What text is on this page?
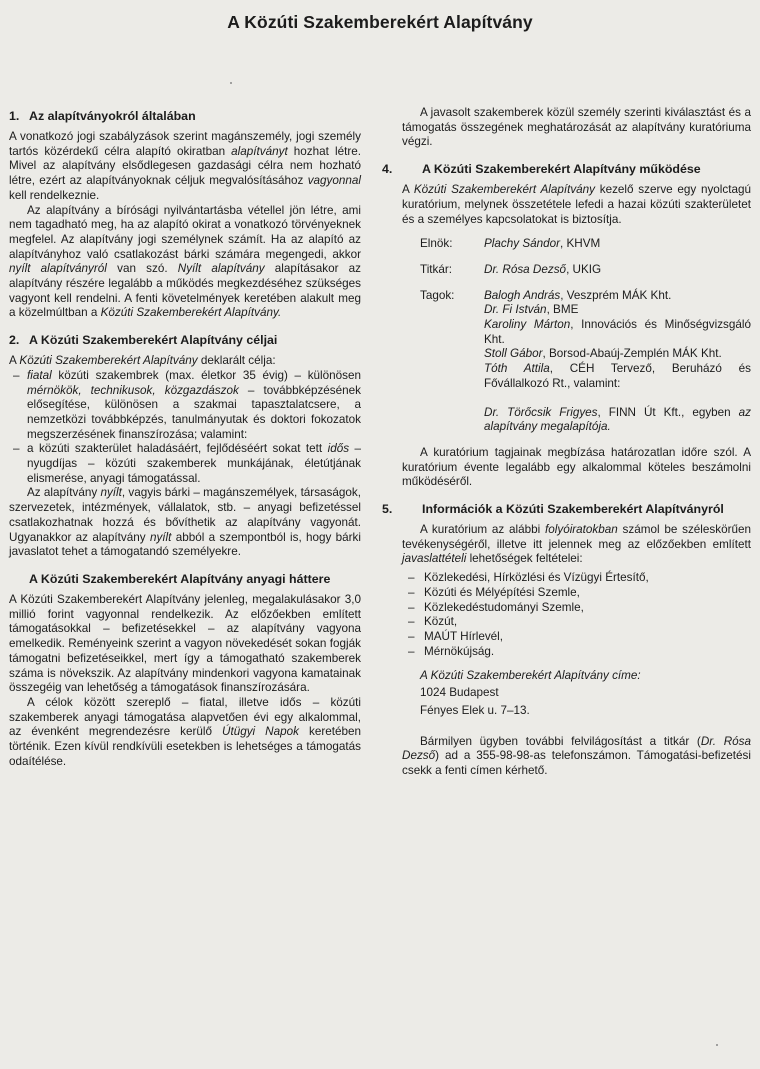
A Közúti Szakemberekért Alapítvány
1. Az alapítványokról általában

A vonatkozó jogi szabályzások szerint magánszemély, jogi személy tartós közérdekű célra alapító okiratban alapítványt hozhat létre. Mivel az alapítvány elsődlegesen gazdasági célra nem hozható létre, ezért az alapítványoknak céljuk megvalósításához vagyonnal kell rendelkeznie.

Az alapítvány a bírósági nyilvántartásba vétellel jön létre, ami nem tagadható meg, ha az alapító okirat a vonatkozó törvényeknek megfelel. Az alapítvány jogi személynek számít. Ha az alapító az alapítványhoz való csatlakozást bárki számára megengedi, akkor nyílt alapítványról van szó. Nyílt alapítvány alapításakor az alapítvány részére legalább a működés megkezdéséhez szükséges vagyont kell rendelni. A fenti követelmények keretében alakult meg a közelmúltban a Közúti Szakemberekért Alapítvány.

2. A Közúti Szakemberekért Alapítvány céljai

A Közúti Szakemberekért Alapítvány deklarált célja:

– fiatal közúti szakembrek (max. életkor 35 évig) – különösen mérnökök, technikusok, közgazdászok – továbbképzésének elősegítése, különösen a szakmai tapasztalatcsere, a nemzetközi továbbképzés, tanulmányutak és doktori fokozatok megszerzésének finanszírozása; valamint:
– a közúti szakterület haladásáért, fejlődéséért sokat tett idős – nyugdíjas – közúti szakemberek munkájának, életútjának elismerése, anyagi támogatással.

Az alapítvány nyílt, vagyis bárki – magánszemélyek, társaságok, szervezetek, intézmények, vállalatok, stb. – anyagi befizetéssel csatlakozhatnak hozzá és bővíthetik az alapítvány vagyonát. Ugyanakkor az alapítvány nyílt abból a szempontból is, hogy bárki javaslatot tehet a támogatandó személyekre.

A Közúti Szakemberekért Alapítvány anyagi háttere

A Közúti Szakemberekért Alapítvány jelenleg, megalakulásakor 3,0 millió forint vagyonnal rendelkezik. Az előzőekben említett támogatásokkal – befizetésekkel – az alapítvány vagyona emelkedik. Reményeink szerint a vagyon növekedését sokan fogják támogatni befizetéseikkel, mert így a támogatható szakemberek száma is növekszik. Az alapítvány mindenkori vagyona kamatainak összegéig van lehetőség a támogatások finanszírozására.

A célok között szereplő – fiatal, illetve idős – közúti szakemberek anyagi támogatása alapvetően évi egy alkalommal, az évenként megrendezésre kerülő Útügyi Napok keretében történik. Ezen kívül rendkívüli esetekben is lehetséges a támogatás odaítélése.

A javasolt szakemberek közül személy szerinti kiválasztást és a támogatás összegének meghatározását az alapítvány kuratóriuma végzi.

4. A Közúti Szakemberekért Alapítvány működése

A Közúti Szakemberekért Alapítvány kezelő szerve egy nyolctagú kuratórium, melynek összetétele lefedi a hazai közúti szakterületet és a személyes kapcsolatokat is biztosítja.

Elnök:	Plachy Sándor, KHVM
Titkár:	Dr. Rósa Dezső, UKIG
Tagok:	Balogh András, Veszprém MÁK Kht.
Dr. Fi István, BME
Karoliny Márton, Innovációs és Minőségvizsgáló Kht.
Stoll Gábor, Borsod-Abaúj-Zemplén MÁK Kht.
Tóth Attila, CÉH Tervező, Beruházó és Fővállalkozó Rt., valamint:
Dr. Törőcsik Frigyes, FINN Út Kft., egyben az alapítvány megalapítója.

A kuratórium tagjainak megbízása határozatlan időre szól. A kuratórium évente legalább egy alkalommal köteles beszámolni működéséről.

5. Információk a Közúti Szakemberekért Alapítványról

A kuratórium az alábbi folyóiratokban számol be széleskörűen tevékenységéről, illetve itt jelennek meg az előzőekben említett javaslattételi lehetőségek feltételei:

– Közlekedési, Hírközlési és Vízügyi Értesítő,
– Közúti és Mélyépítési Szemle,
– Közlekedéstudományi Szemle,
– Közút,
– MAÚT Hírlevél,
– Mérnökújság.
A Közúti Szakemberekért Alapítvány címe:
1024 Budapest
Fényes Elek u. 7–13.

Bármilyen ügyben további felvilágosítást a titkár (Dr. Rósa Dezső) ad a 355-98-98-as telefonszámon. Támogatási-befizetési csekk a fenti címen kérhető.
